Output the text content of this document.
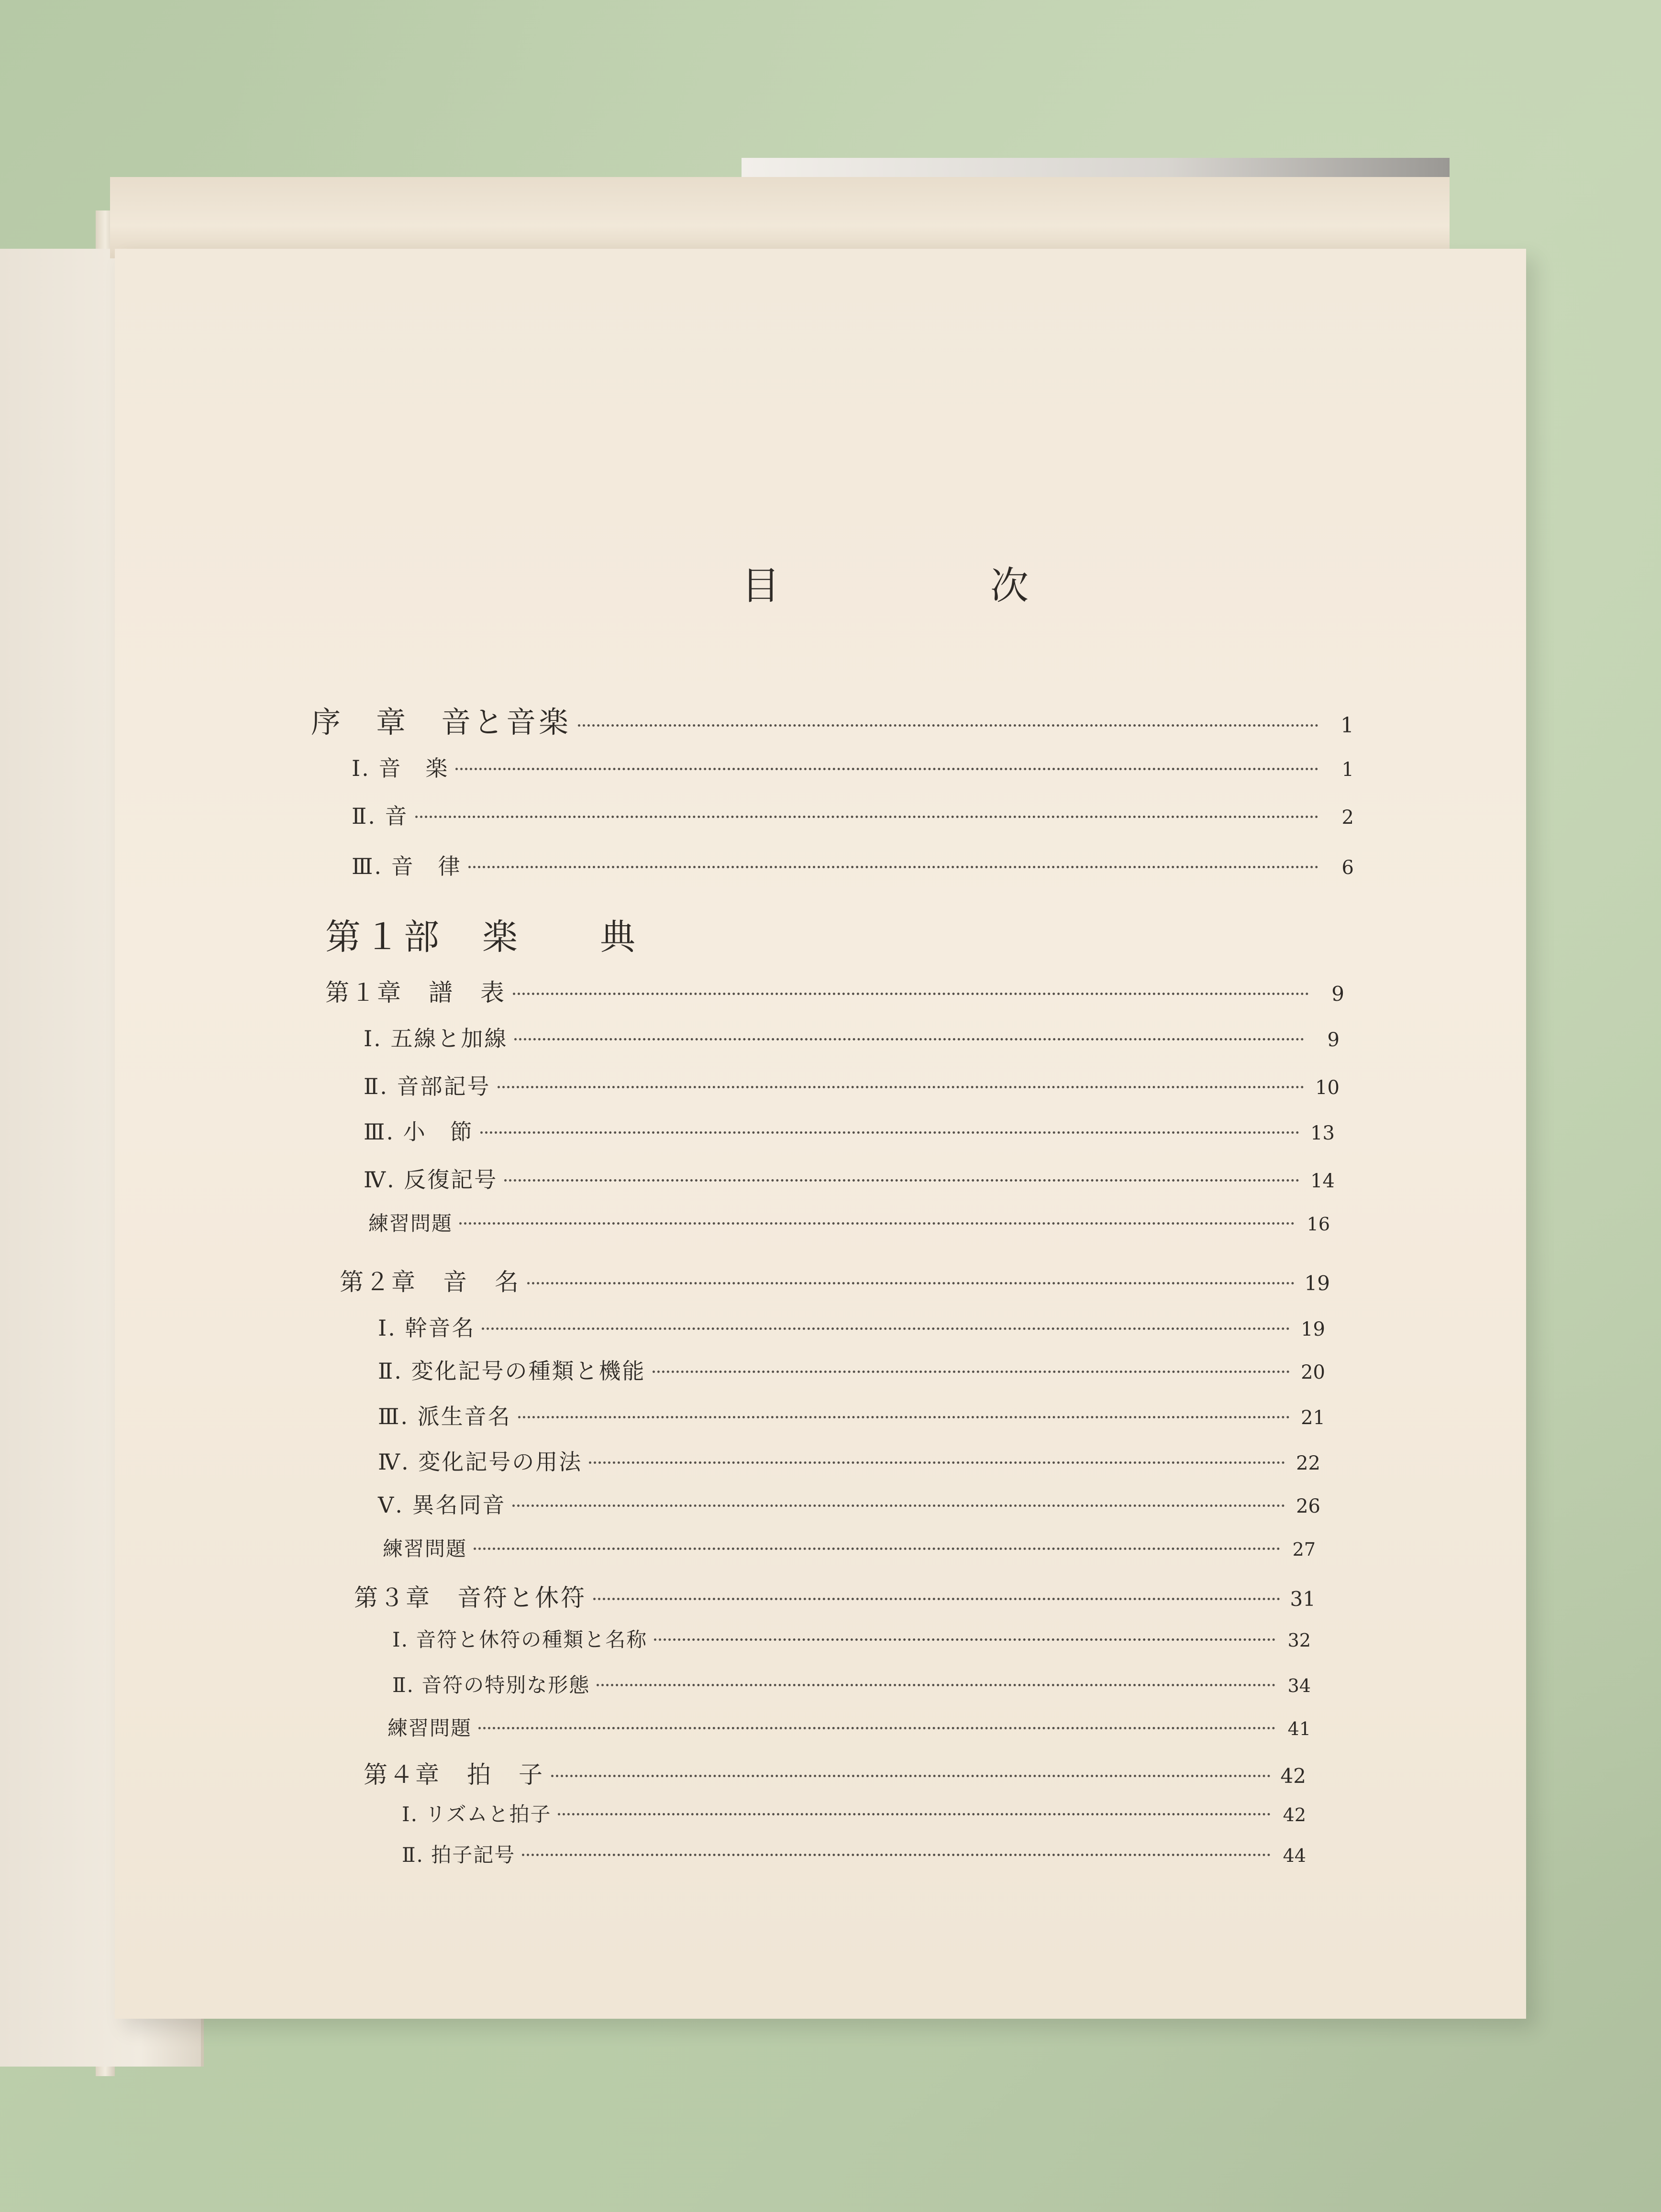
目　次
第１部　楽　　典
序　章　音と音楽	1
Ⅰ. 音　楽	1
Ⅱ. 音	2
Ⅲ. 音　律	6
第１章　譜　表	9
Ⅰ. 五線と加線	9
Ⅱ. 音部記号	10
Ⅲ. 小　節	13
Ⅳ. 反復記号	14
練習問題	16
第２章　音　名	19
Ⅰ. 幹音名	19
Ⅱ. 変化記号の種類と機能	20
Ⅲ. 派生音名	21
Ⅳ. 変化記号の用法	22
Ⅴ. 異名同音	26
練習問題	27
第３章　音符と休符	31
Ⅰ. 音符と休符の種類と名称	32
Ⅱ. 音符の特別な形態	34
練習問題	41
第４章　拍　子	42
Ⅰ. リズムと拍子	42
Ⅱ. 拍子記号	44
